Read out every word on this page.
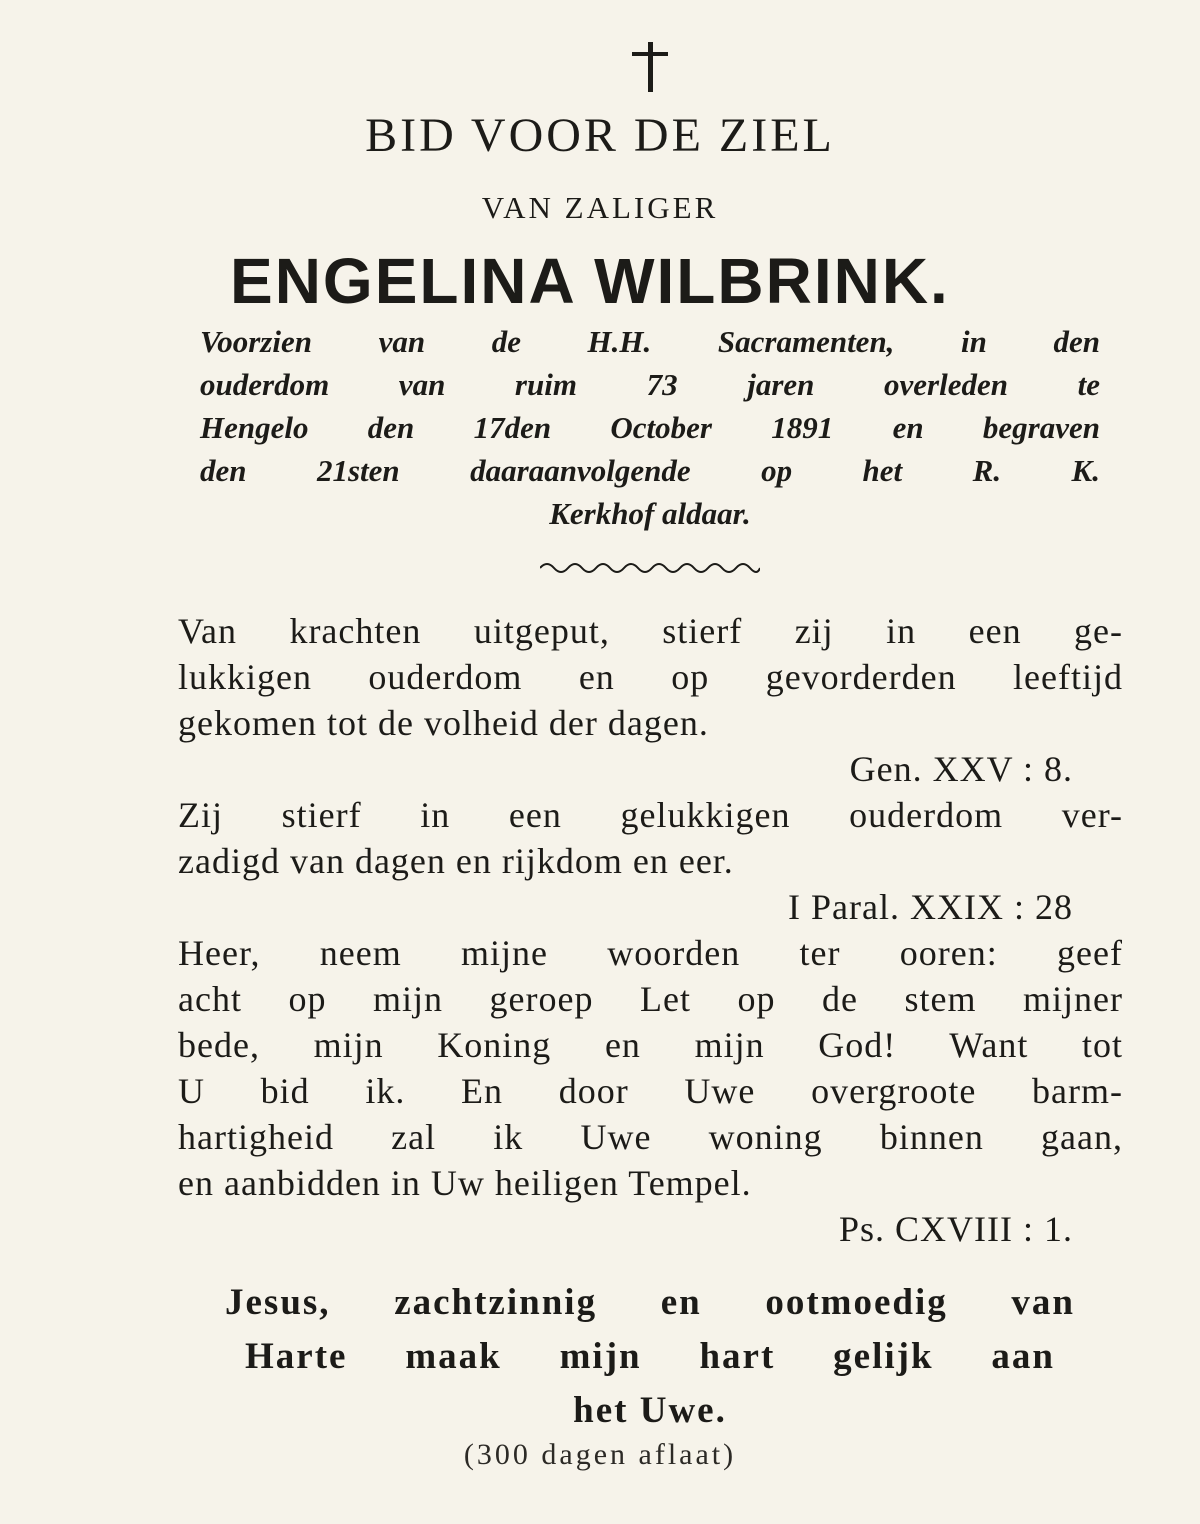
BID VOOR DE ZIEL
VAN ZALIGER
ENGELINA WILBRINK.
Voorzien van de H.H. Sacramenten, in den
ouderdom van ruim 73 jaren overleden te
Hengelo den 17den October 1891 en begraven
den 21sten daaraanvolgende op het R. K.
Kerkhof aldaar.
Van krachten uitgeput, stierf zij in een ge-
lukkigen ouderdom en op gevorderden leeftijd
gekomen tot de volheid der dagen.
Gen. XXV : 8.
Zij stierf in een gelukkigen ouderdom ver-
zadigd van dagen en rijkdom en eer.
I Paral. XXIX : 28
Heer, neem mijne woorden ter ooren: geef
acht op mijn geroep Let op de stem mijner
bede, mijn Koning en mijn God! Want tot
U bid ik. En door Uwe overgroote barm-
hartigheid zal ik Uwe woning binnen gaan,
en aanbidden in Uw heiligen Tempel.
Ps. CXVIII : 1.
Jesus, zachtzinnig en ootmoedig van
Harte maak mijn hart gelijk aan
het Uwe.
(300 dagen aflaat)
